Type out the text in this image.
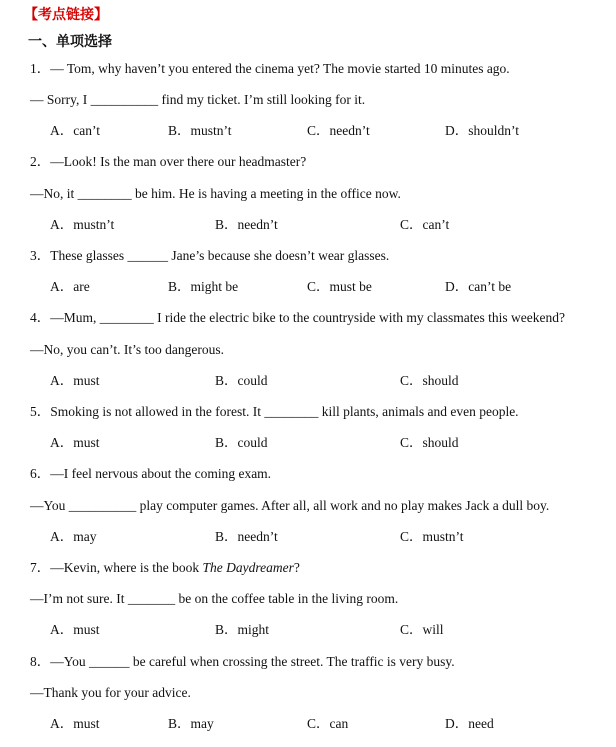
【考点链接】
一、单项选择
1．— Tom, why haven’t you entered the cinema yet? The movie started 10 minutes ago.
— Sorry, I __________ find my ticket. I’m still looking for it.
A．can’t	B．mustn’t	C．needn’t	D．shouldn’t
2．—Look! Is the man over there our headmaster?
—No, it ________ be him. He is having a meeting in the office now.
A．mustn’t	B．needn’t	C．can’t
3．These glasses ______ Jane’s because she doesn’t wear glasses.
A．are	B．might be	C．must be	D．can’t be
4．—Mum, ________ I ride the electric bike to the countryside with my classmates this weekend?
—No, you can’t. It’s too dangerous.
A．must	B．could	C．should
5．Smoking is not allowed in the forest. It ________ kill plants, animals and even people.
A．must	B．could	C．should
6．—I feel nervous about the coming exam.
—You __________ play computer games. After all, all work and no play makes Jack a dull boy.
A．may	B．needn’t	C．mustn’t
7．—Kevin, where is the book The Daydreamer?
—I’m not sure. It _______ be on the coffee table in the living room.
A．must	B．might	C．will
8．—You ______ be careful when crossing the street. The traffic is very busy.
—Thank you for your advice.
A．must	B．may	C．can	D．need
